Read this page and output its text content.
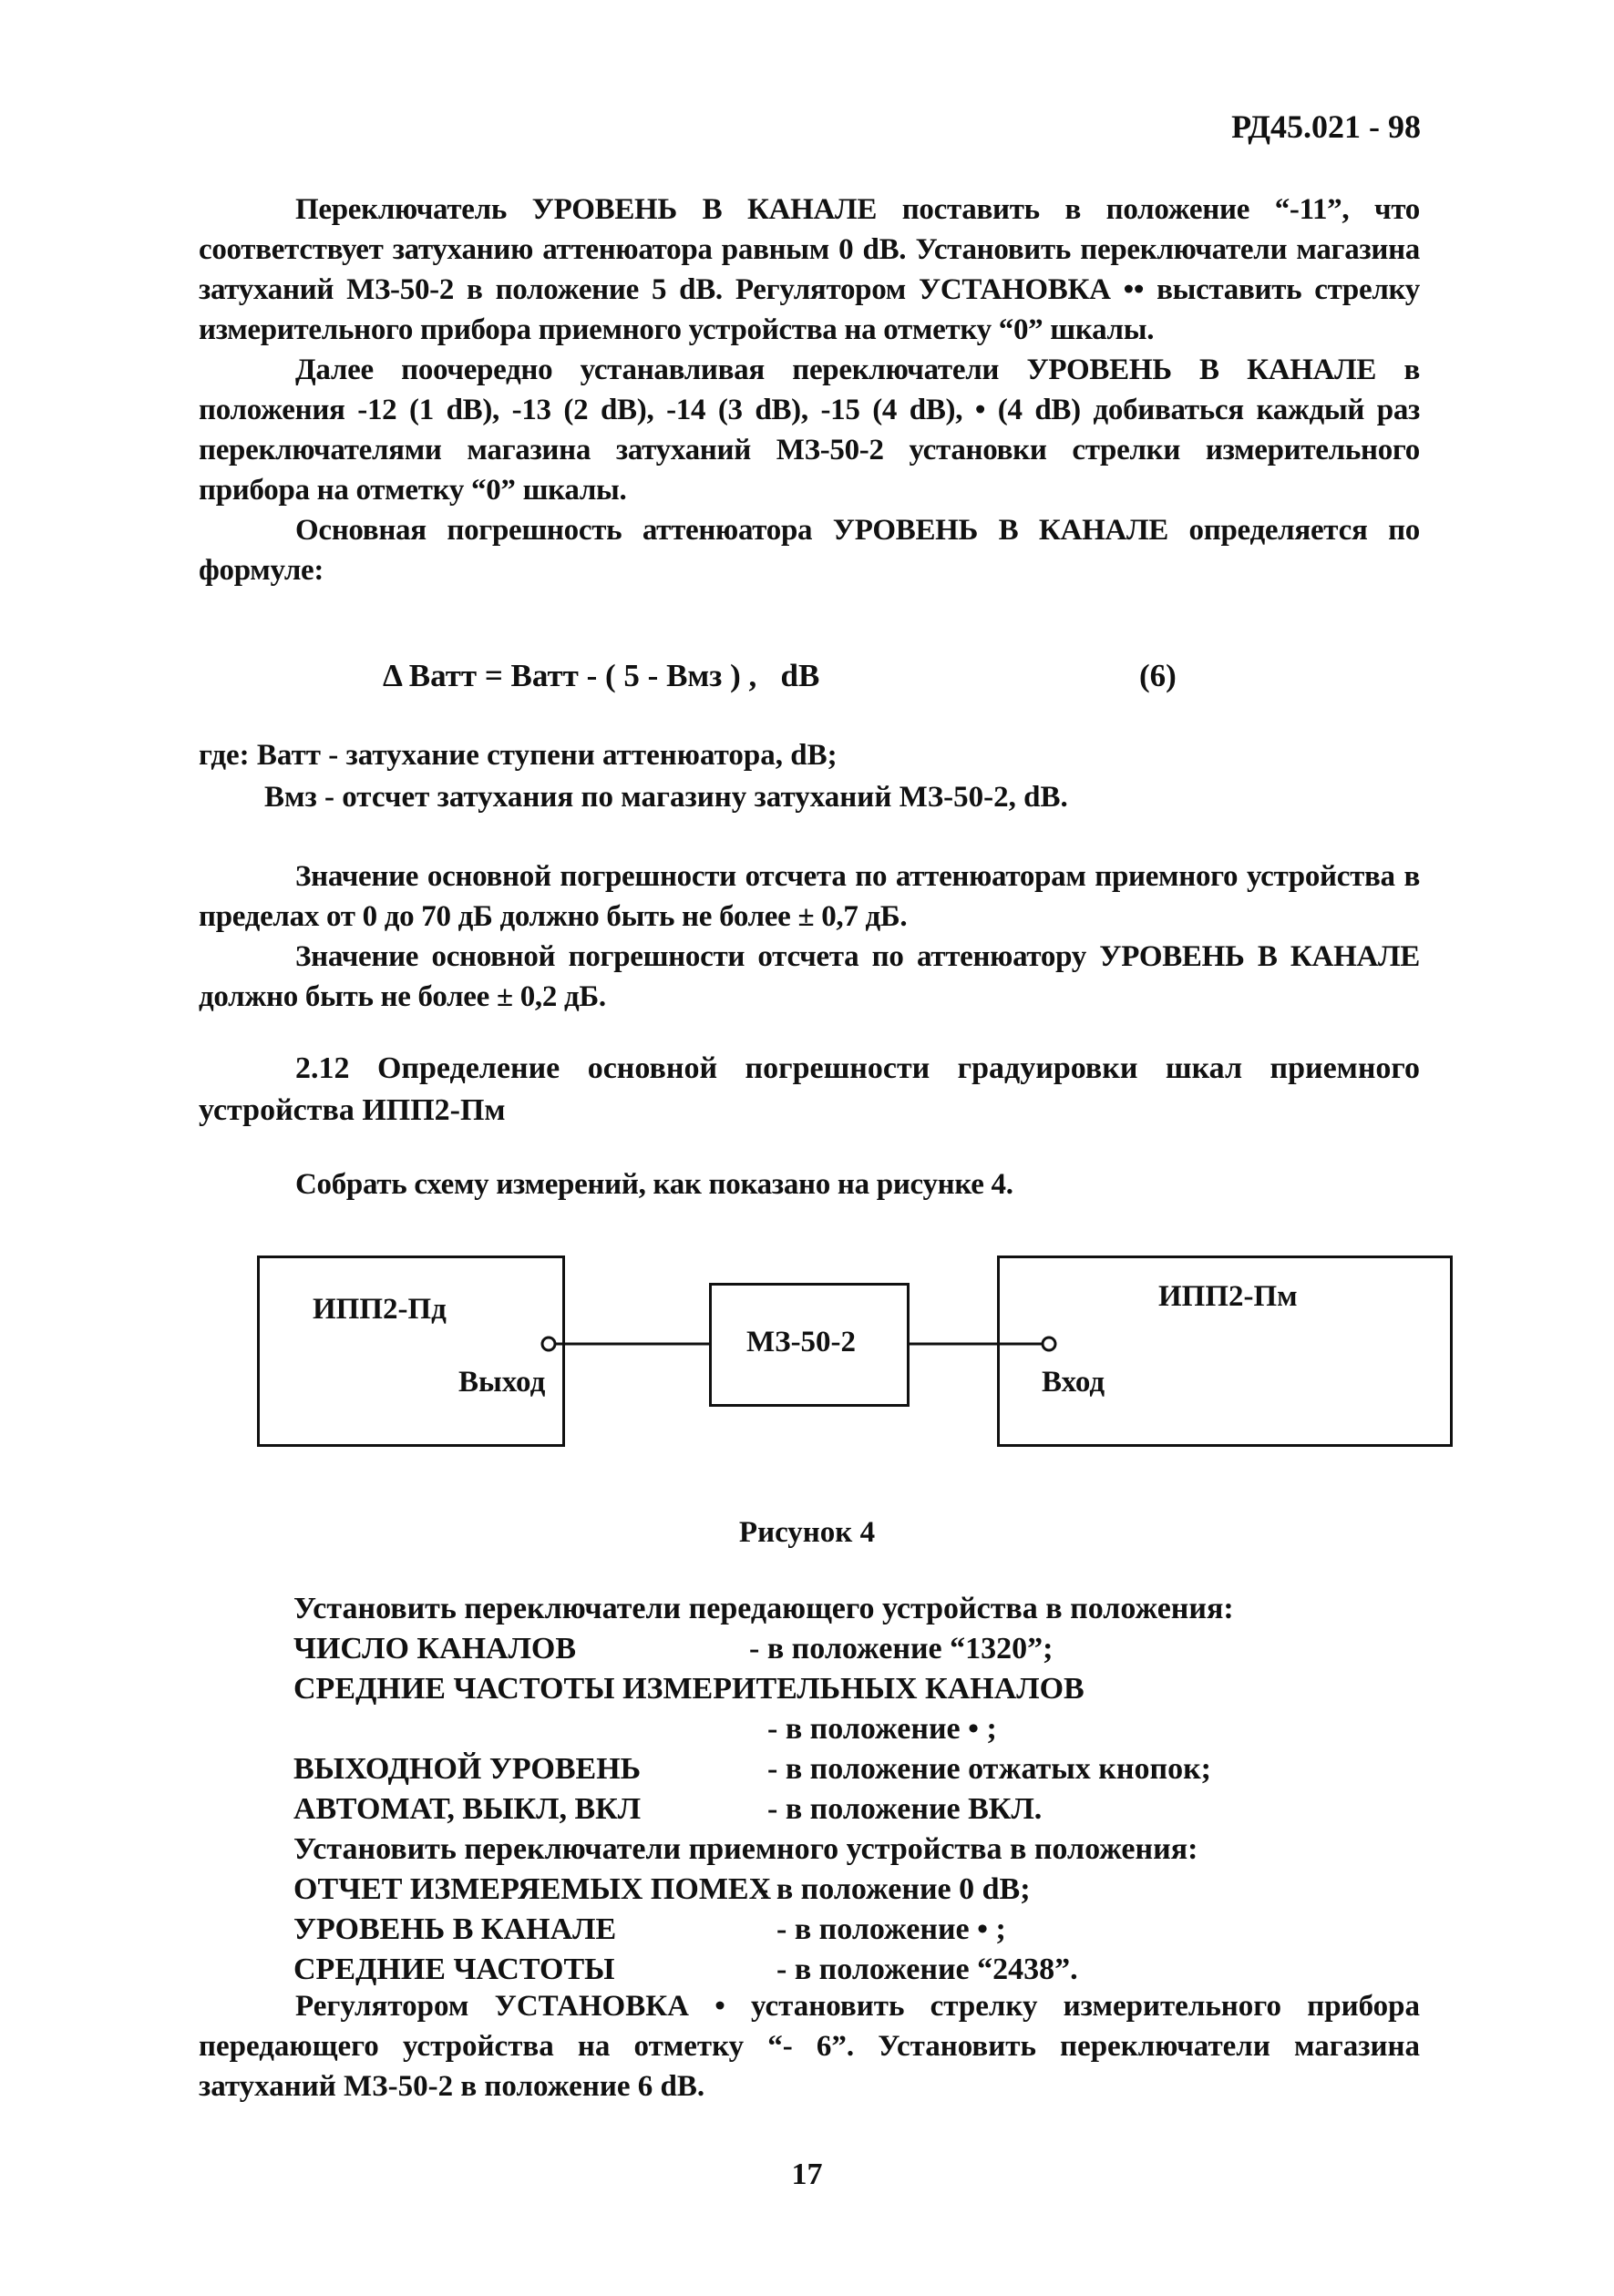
РД45.021 - 98

Переключатель УРОВЕНЬ В КАНАЛЕ поставить в положение “-11”, что соответствует затуханию аттенюатора равным 0 dB. Установить переключатели магазина затуханий МЗ-50-2 в положение 5 dB. Регулятором УСТАНОВКА •• выставить стрелку измерительного прибора приемного устройства на отметку “0” шкалы.

Далее поочередно устанавливая переключатели УРОВЕНЬ В КАНАЛЕ в положения -12 (1 dB), -13 (2 dB), -14 (3 dB), -15 (4 dB), • (4 dB) добиваться каждый раз переключателями магазина затуханий МЗ-50-2 установки стрелки измерительного прибора на отметку “0” шкалы.

Основная погрешность аттенюатора УРОВЕНЬ В КАНАЛЕ определяется по формуле:

Δ Bатт = Bатт - ( 5 - Bмз ) ,   dB	(6)
где: Bатт - затухание ступени аттенюатора, dB;
Bмз - отсчет затухания по магазину затуханий МЗ-50-2, dB.

Значение основной погрешности отсчета по аттенюаторам приемного устройства в пределах от 0 до 70 дБ должно быть не более ± 0,7 дБ.

Значение основной погрешности отсчета по аттенюатору УРОВЕНЬ В КАНАЛЕ должно быть не более ± 0,2 дБ.

2.12 Определение основной погрешности градуировки шкал приемного устройства ИПП2-Пм

Собрать схему измерений, как показано на рисунке 4.

ИПП2-Пд
Выход
МЗ-50-2
ИПП2-Пм
Вход
Рисунок 4
Установить переключатели передающего устройства в положения:
ЧИСЛО КАНАЛОВ	- в положение “1320”;
СРЕДНИЕ ЧАСТОТЫ ИЗМЕРИТЕЛЬНЫХ КАНАЛОВ
- в положение • ;
ВЫХОДНОЙ УРОВЕНЬ	- в положение отжатых кнопок;
АВТОМАТ, ВЫКЛ, ВКЛ	- в положение ВКЛ.
Установить переключатели приемного устройства в положения:
ОТЧЕТ ИЗМЕРЯЕМЫХ ПОМЕХ
- в положение 0 dB;
УРОВЕНЬ В КАНАЛЕ	- в положение • ;
СРЕДНИЕ ЧАСТОТЫ	- в положение “2438”.

Регулятором УСТАНОВКА • установить стрелку измерительного прибора передающего устройства на отметку “- 6”. Установить переключатели магазина затуханий МЗ-50-2 в положение 6 dB.

17
